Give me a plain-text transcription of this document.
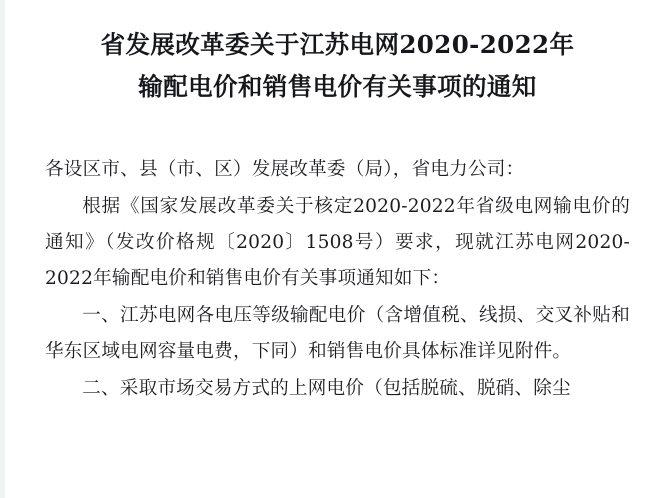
省发展改革委关于江苏电网2020-2022年
输配电价和销售电价有关事项的通知

各设区市、县（市、区）发展改革委（局），省电力公司：

根据《国家发展改革委关于核定2020-2022年省级电网输电价的通知》（发改价格规〔2020〕1508号）要求，现就江苏电网2020-2022年输配电价和销售电价有关事项通知如下：

一、江苏电网各电压等级输配电价（含增值税、线损、交叉补贴和华东区域电网容量电费，下同）和销售电价具体标准详见附件。

二、采取市场交易方式的上网电价（包括脱硫、脱硝、除尘
